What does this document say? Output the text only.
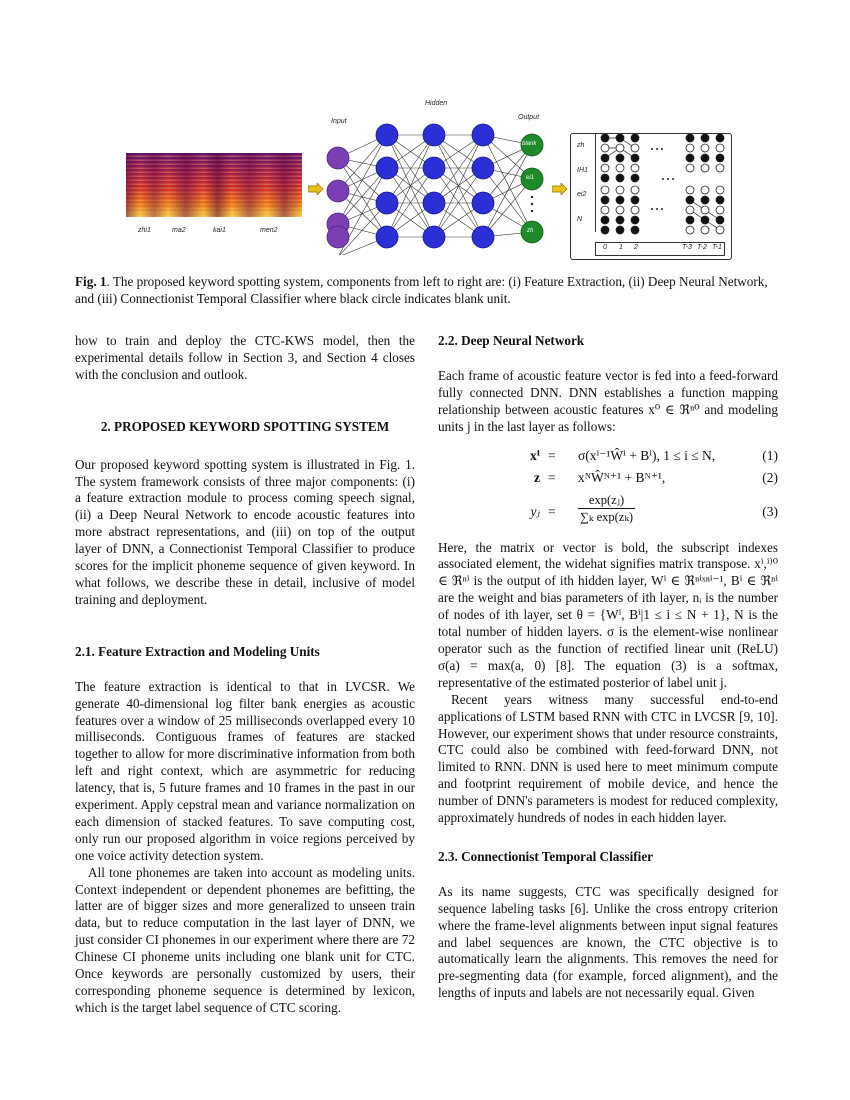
zhi1	ma2	kai1	men2
Input
Hidden
Output
blank
ei1
zh
zh
IH1
ei2
N
0 1 2	T-3 T-2 T-1
Fig. 1. The proposed keyword spotting system, components from left to right are: (i) Feature Extraction, (ii) Deep Neural Network, and (iii) Connectionist Temporal Classifier where black circle indicates blank unit.

how to train and deploy the CTC-KWS model, then the experimental details follow in Section 3, and Section 4 closes with the conclusion and outlook.

2. PROPOSED KEYWORD SPOTTING SYSTEM

Our proposed keyword spotting system is illustrated in Fig. 1. The system framework consists of three major components: (i) a feature extraction module to process coming speech signal, (ii) a Deep Neural Network to encode acoustic features into more abstract representations, and (iii) on top of the output layer of DNN, a Connectionist Temporal Classifier to produce scores for the implicit phoneme sequence of given keyword. In what follows, we describe these in detail, inclusive of model training and deployment.

2.1. Feature Extraction and Modeling Units

The feature extraction is identical to that in LVCSR. We generate 40-dimensional log filter bank energies as acoustic features over a window of 25 milliseconds overlapped every 10 milliseconds. Contiguous frames of features are stacked together to allow for more discriminative information from both left and right context, which are asymmetric for reducing latency, that is, 5 future frames and 10 frames in the past in our experiment. Apply cepstral mean and variance normalization on each dimension of stacked features. To save computing cost, only run our proposed algorithm in voice regions perceived by one voice activity detection system.

All tone phonemes are taken into account as modeling units. Context independent or dependent phonemes are befitting, the latter are of bigger sizes and more generalized to unseen train data, but to reduce computation in the last layer of DNN, we just consider CI phonemes in our experiment where there are 72 Chinese CI phoneme units including one blank unit for CTC. Once keywords are personally customized by users, their corresponding phoneme sequence is determined by lexicon, which is the target label sequence of CTC scoring.

2.2. Deep Neural Network

Each frame of acoustic feature vector is fed into a feed-forward fully connected DNN. DNN establishes a function mapping relationship between acoustic features x⁰ ∈ ℜⁿ⁰ and modeling units j in the last layer as follows:

xⁱ = σ(xⁱ⁻¹Ŵⁱ + Bⁱ), 1 ≤ i ≤ N,	(1)
z = xᴺŴᴺ⁺¹ + Bᴺ⁺¹,	(2)
yⱼ = $\frac{\text{exp(zⱼ)}}{\text{∑ₖ exp(zₖ)}}$	(3)

Here, the matrix or vector is bold, the subscript indexes associated element, the widehat signifies matrix transpose. xⁱ,ⁱ⁾⁰ ∈ ℜⁿⁱ is the output of ith hidden layer, Wⁱ ∈ ℜⁿⁱˣⁿⁱ⁻¹, Bⁱ ∈ ℜⁿⁱ are the weight and bias parameters of ith layer, nᵢ is the number of nodes of ith layer, set θ = {Wⁱ, Bⁱ|1 ≤ i ≤ N + 1}, N is the total number of hidden layers. σ is the element-wise nonlinear operator such as the function of rectified linear unit (ReLU) σ(a) = max(a, 0) [8]. The equation (3) is a softmax, representative of the estimated posterior of label unit j.

Recent years witness many successful end-to-end applications of LSTM based RNN with CTC in LVCSR [9, 10]. However, our experiment shows that under resource constraints, CTC could also be combined with feed-forward DNN, not limited to RNN. DNN is used here to meet minimum compute and footprint requirement of mobile device, and hence the number of DNN's parameters is modest for reduced complexity, approximately hundreds of nodes in each hidden layer.

2.3. Connectionist Temporal Classifier

As its name suggests, CTC was specifically designed for sequence labeling tasks [6]. Unlike the cross entropy criterion where the frame-level alignments between input signal features and label sequences are known, the CTC objective is to automatically learn the alignments. This removes the need for pre-segmenting data (for example, forced alignment), and the lengths of inputs and labels are not necessarily equal. Given
